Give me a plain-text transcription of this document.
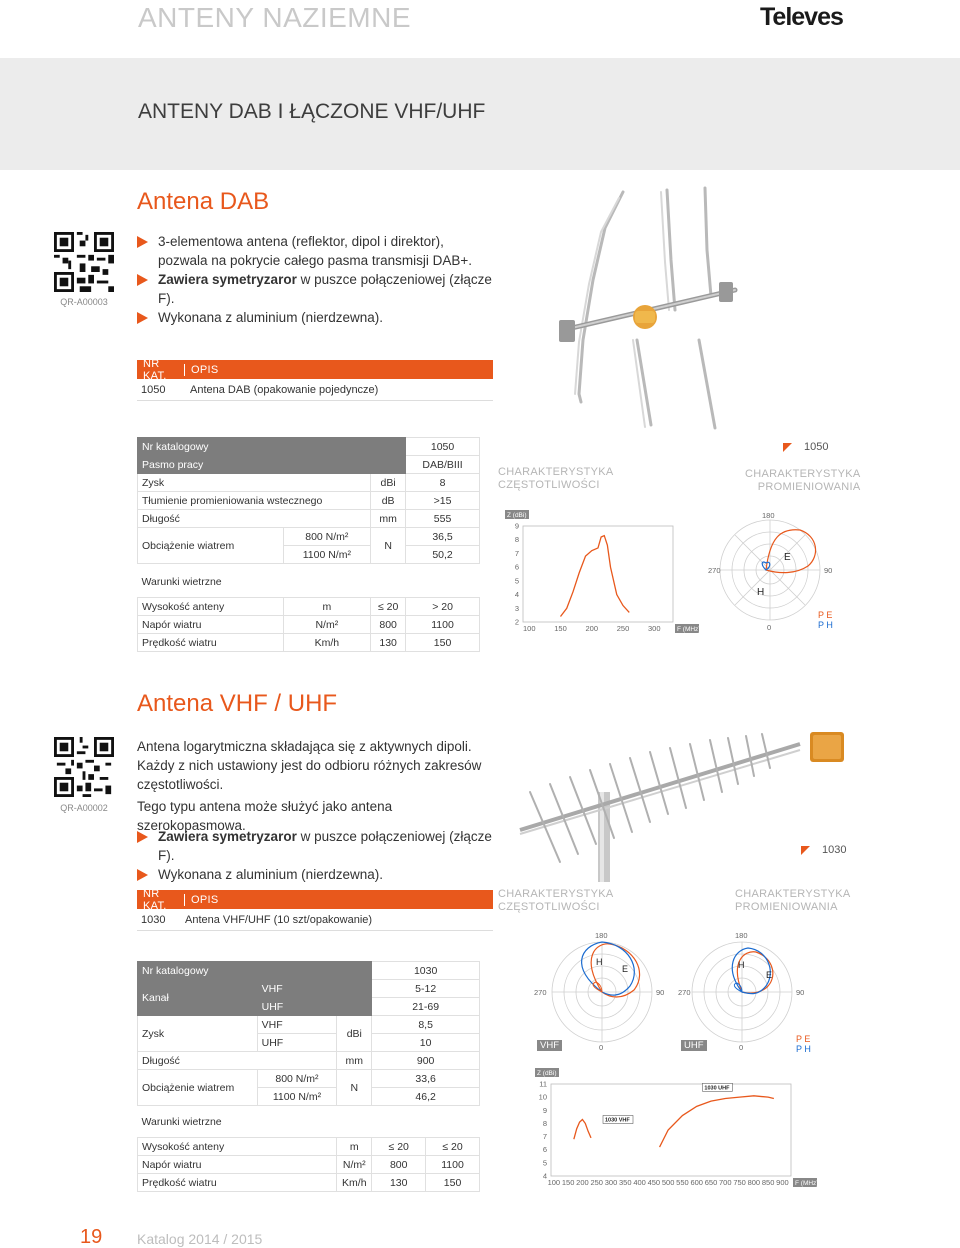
ANTENY NAZIEMNE	Televes
ANTENY DAB I ŁĄCZONE VHF/UHF
Antena DAB
QR-A00003
3-elementowa antena (reflektor, dipol i direktor), pozwala na pokrycie całego pasma transmisji DAB+.
Zawiera symetryzaror w puszce połączeniowej (złącze F).
Wykonana z aluminium (nierdzewna).
NR KAT.	OPIS
1050	Antena DAB (opakowanie pojedyncze)
Nr katalogowy			1050
Pasmo pracy			DAB/BIII
Zysk		dBi	8
Tłumienie promieniowania wstecznego		dB	>15
Długość		mm	555
Obciążenie wiatrem	800 N/m²	N	36,5
	1100 N/m²		50,2
Warunki wietrzne			

Wysokość anteny	m	≤ 20	> 20
Napór wiatru	N/m²	800	1100
Prędkość wiatru	Km/h	130	150
CHARAKTERYSTYKA
CZĘSTOTLIWOŚCI
2
3
4
5
6
7
8
9
100 150 200 250 300
Z (dBi)
F (MHz)
1050
CHARAKTERYSTYKA
PROMIENIOWANIA
180
270	90
0
E
H
P E
P H
Antena VHF / UHF
QR-A00002
Antena logarytmiczna składająca się z aktywnych dipoli. Każdy z nich ustawiony jest do odbioru różnych zakresów częstotliwości.
Tego typu antena może służyć jako antena szerokopasmowa.
Zawiera symetryzaror w puszce połączeniowej (złącze F).
Wykonana z aluminium (nierdzewna).
1030
NR KAT.	OPIS
1030	Antena VHF/UHF (10 szt/opakowanie)
Nr katalogowy			1030	
Kanał	VHF		5-12	
	UHF		21-69	
Zysk	VHF	dBi	8,5	
	UHF		10	
Długość		mm	900	
Obciążenie wiatrem	800 N/m²	N	33,6	
	1100 N/m²		46,2	
Warunki wietrzne				

Wysokość anteny		m	≤ 20	≤ 20
Napór wiatru		N/m²	800	1100
Prędkość wiatru		Km/h	130	150
CHARAKTERYSTYKA
CZĘSTOTLIWOŚCI
CHARAKTERYSTYKA
PROMIENIOWANIA
180
270	90
0
180
270	90
0
H
E	H
E
VHF	UHF
P E
P H
4
5
6
7
8
9
10
11
100 150 200 250 300 350 400 450 500 550 600 650 700 750 800 850 900
Z (dBi)
F (MHz)
1030 VHF
1030 UHF
19 Katalog 2014 / 2015
